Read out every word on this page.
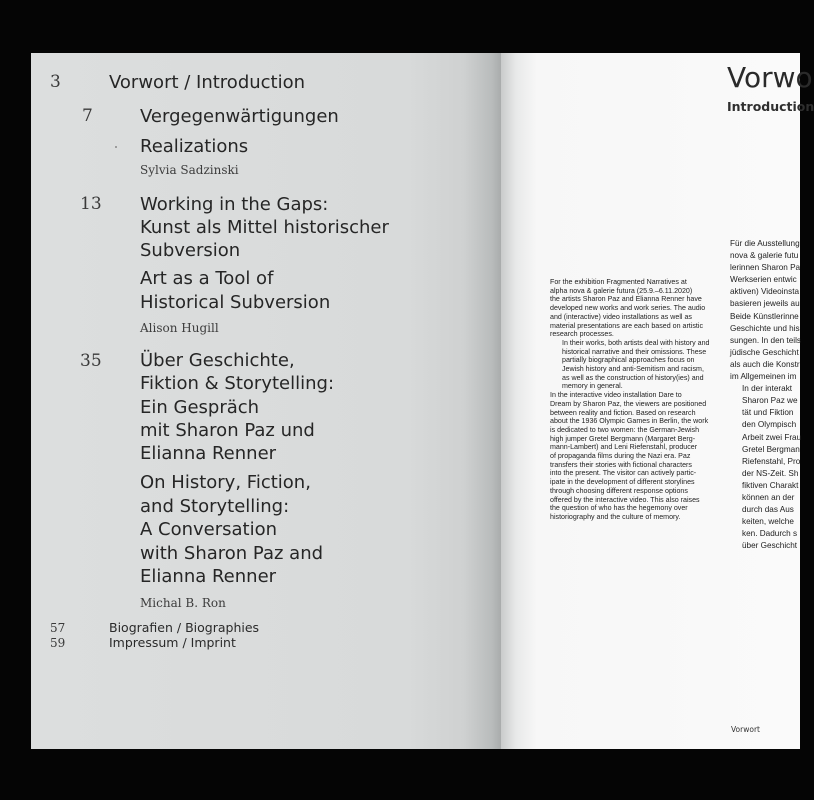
3	Vorwort / Introduction
7	Vergegenwärtigungen
Realizations
Sylvia Sadzinski
13 Working in the Gaps:
Kunst als Mittel historischer
Subversion
Art as a Tool of
Historical Subversion
Alison Hugill
35 Über Geschichte,
Fiktion & Storytelling:
Ein Gespräch
mit Sharon Paz und
Elianna Renner
On History, Fiction,
and Storytelling:
A Conversation
with Sharon Paz and
Elianna Renner
Michal B. Ron
57	Biografien / Biographies
59	Impressum / Imprint
Vorwo
Introduction
For the exhibition Fragmented Narratives at
alpha nova & galerie futura (25.9.–6.11.2020)
the artists Sharon Paz and Elianna Renner have
developed new works and work series. The audio
and (interactive) video installations as well as
material presentations are each based on artistic
research processes.
In their works, both artists deal with history and
historical narrative and their omissions. These
partially biographical approaches focus on
Jewish history and anti-Semitism and racism,
as well as the construction of history(ies) and
memory in general.
In the interactive video installation Dare to
Dream by Sharon Paz, the viewers are positioned
between reality and fiction. Based on research
about the 1936 Olympic Games in Berlin, the work
is dedicated to two women: the German-Jewish
high jumper Gretel Bergmann (Margaret Berg-
mann-Lambert) and Leni Riefenstahl, producer
of propaganda films during the Nazi era. Paz
transfers their stories with fictional characters
into the present. The visitor can actively partic-
ipate in the development of different storylines
through choosing different response options
offered by the interactive video. This also raises
the question of who has the hegemony over
historiography and the culture of memory.
Für die Ausstellung
nova & galerie futu
lerinnen Sharon Pa
Werkserien entwic
aktiven) Videoinsta
basieren jeweils au
Beide Künstlerinne
Geschichte und his
sungen. In den teils
jüdische Geschicht
als auch die Konstr
im Allgemeinen im
In der interakt
Sharon Paz we
tät und Fiktion
den Olympisch
Arbeit zwei Frau
Gretel Bergman
Riefenstahl, Pro
der NS-Zeit. Sh
fiktiven Charakt
können an der
durch das Aus
keiten, welche
ken. Dadurch s
über Geschicht
Vorwort
